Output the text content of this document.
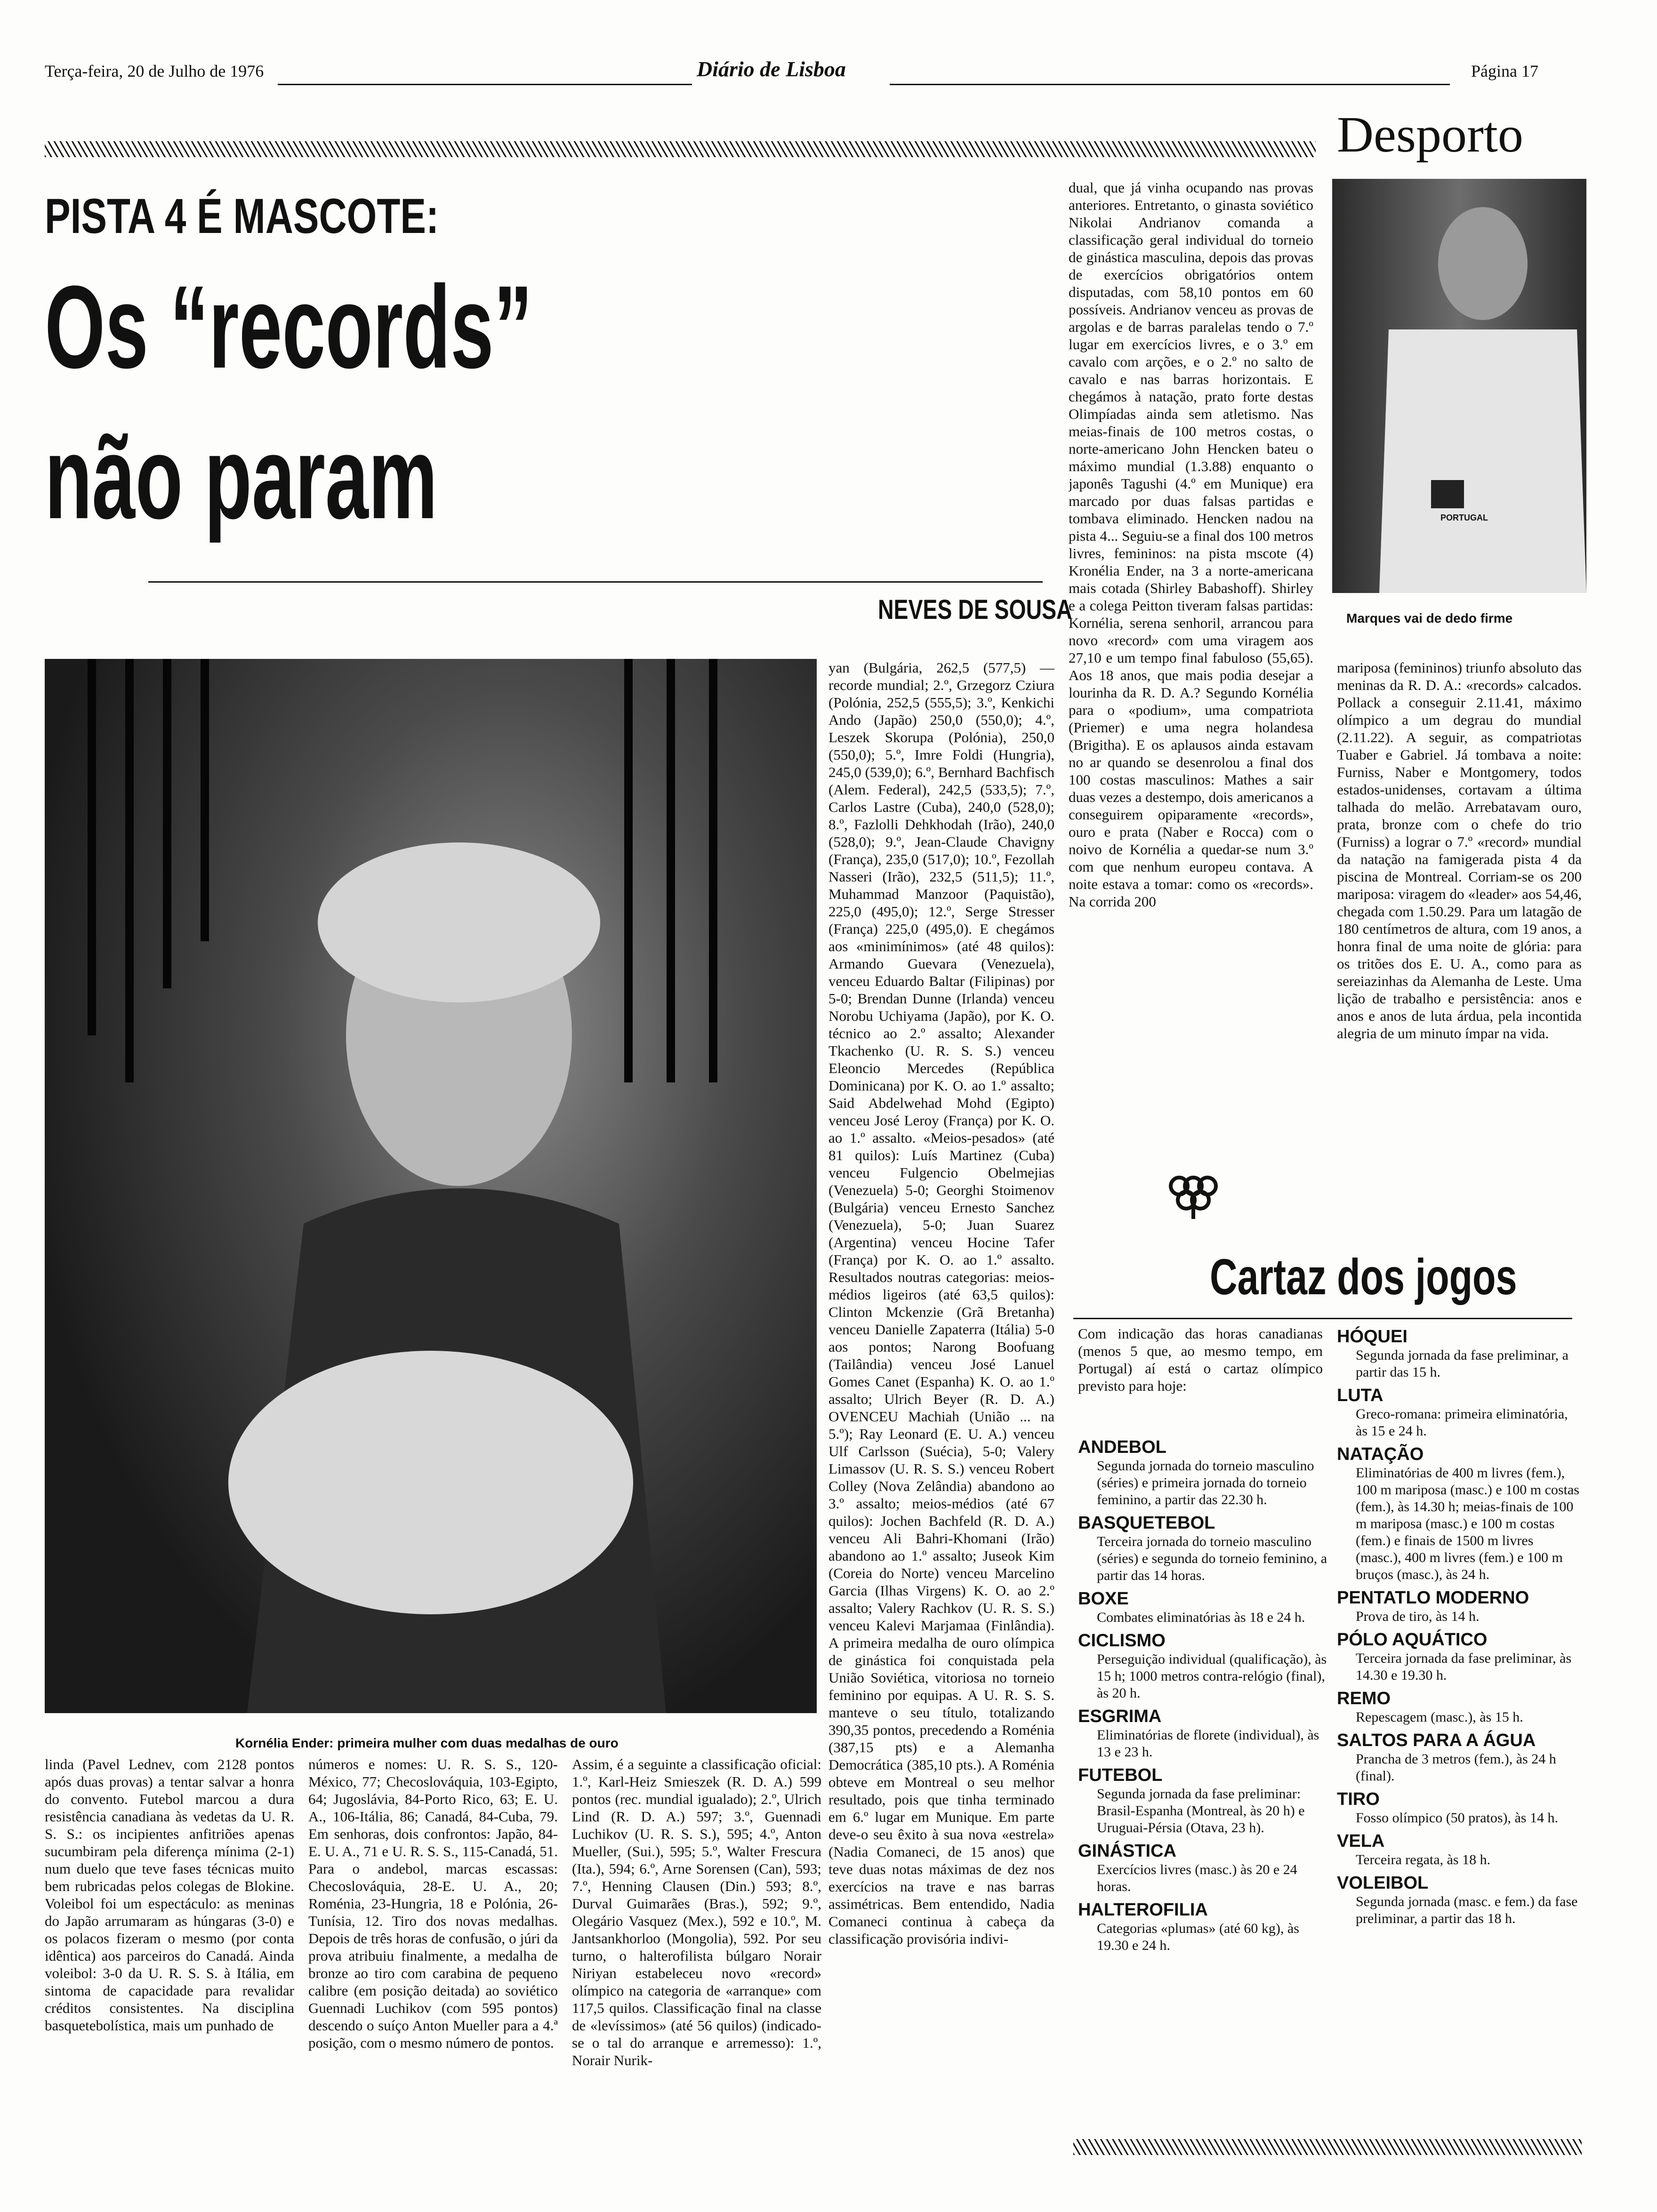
Terça-feira, 20 de Julho de 1976	Diário de Lisboa	Página 17
Desporto
PISTA 4 É MASCOTE:
Os “records”
não param
NEVES DE SOUSA
Kornélia Ender: primeira mulher com duas medalhas de ouro
linda (Pavel Lednev, com 2128 pontos após duas provas) a tentar salvar a honra do convento. Futebol marcou a dura resistência canadiana às vedetas da U. R. S. S.: os incipientes anfitriões apenas sucumbiram pela diferença mínima (2-1) num duelo que teve fases técnicas muito bem rubricadas pelos colegas de Blokine. Voleibol foi um espectáculo: as meninas do Japão arrumaram as húngaras (3-0) e os polacos fizeram o mesmo (por conta idêntica) aos parceiros do Canadá. Ainda voleibol: 3-0 da U. R. S. S. à Itália, em sintoma de capacidade para revalidar créditos consistentes. Na disciplina basquetebolística, mais um punhado de
números e nomes: U. R. S. S., 120-México, 77; Checoslováquia, 103-Egipto, 64; Jugoslávia, 84-Porto Rico, 63; E. U. A., 106-Itália, 86; Canadá, 84-Cuba, 79. Em senhoras, dois confrontos: Japão, 84-E. U. A., 71 e U. R. S. S., 115-Canadá, 51. Para o andebol, marcas escassas: Checoslováquia, 28-E. U. A., 20; Roménia, 23-Hungria, 18 e Polónia, 26-Tunísia, 12. Tiro dos novas medalhas. Depois de três horas de confusão, o júri da prova atribuiu finalmente, a medalha de bronze ao tiro com carabina de pequeno calibre (em posição deitada) ao soviético Guennadi Luchikov (com 595 pontos) descendo o suíço Anton Mueller para a 4.ª posição, com o mesmo número de pontos.
Assim, é a seguinte a classificação oficial: 1.º, Karl-Heiz Smieszek (R. D. A.) 599 pontos (rec. mundial igualado); 2.º, Ulrich Lind (R. D. A.) 597; 3.º, Guennadi Luchikov (U. R. S. S.), 595; 4.º, Anton Mueller, (Sui.), 595; 5.º, Walter Frescura (Ita.), 594; 6.º, Arne Sorensen (Can), 593; 7.º, Henning Clausen (Din.) 593; 8.º, Durval Guimarães (Bras.), 592; 9.º, Olegário Vasquez (Mex.), 592 e 10.º, M. Jantsankhorloo (Mongolia), 592. Por seu turno, o halterofilista búlgaro Norair Niriyan estabeleceu novo «record» olímpico na categoria de «arranque» com 117,5 quilos. Classificação final na classe de «levíssimos» (até 56 quilos) (indicado-se o tal do arranque e arremesso): 1.º, Norair Nurik-
yan (Bulgária, 262,5 (577,5) — recorde mundial; 2.º, Grzegorz Cziura (Polónia, 252,5 (555,5); 3.º, Kenkichi Ando (Japão) 250,0 (550,0); 4.º, Leszek Skorupa (Polónia), 250,0 (550,0); 5.º, Imre Foldi (Hungria), 245,0 (539,0); 6.º, Bernhard Bachfisch (Alem. Federal), 242,5 (533,5); 7.º, Carlos Lastre (Cuba), 240,0 (528,0); 8.º, Fazlolli Dehkhodah (Irão), 240,0 (528,0); 9.º, Jean-Claude Chavigny (França), 235,0 (517,0); 10.º, Fezollah Nasseri (Irão), 232,5 (511,5); 11.º, Muhammad Manzoor (Paquistão), 225,0 (495,0); 12.º, Serge Stresser (França) 225,0 (495,0). E chegámos aos «minimínimos» (até 48 quilos): Armando Guevara (Venezuela), venceu Eduardo Baltar (Filipinas) por 5-0; Brendan Dunne (Irlanda) venceu Norobu Uchiyama (Japão), por K. O. técnico ao 2.º assalto; Alexander Tkachenko (U. R. S. S.) venceu Eleoncio Mercedes (República Dominicana) por K. O. ao 1.º assalto; Said Abdelwehad Mohd (Egipto) venceu José Leroy (França) por K. O. ao 1.º assalto. «Meios-pesados» (até 81 quilos): Luís Martinez (Cuba) venceu Fulgencio Obelmejias (Venezuela) 5-0; Georghi Stoimenov (Bulgária) venceu Ernesto Sanchez (Venezuela), 5-0; Juan Suarez (Argentina) venceu Hocine Tafer (França) por K. O. ao 1.º assalto. Resultados noutras categorias: meios-médios ligeiros (até 63,5 quilos): Clinton Mckenzie (Grã Bretanha) venceu Danielle Zapaterra (Itália) 5-0 aos pontos; Narong Boofuang (Tailândia) venceu José Lanuel Gomes Canet (Espanha) K. O. ao 1.º assalto; Ulrich Beyer (R. D. A.) OVENCEU Machiah (União ... na 5.º); Ray Leonard (E. U. A.) venceu Ulf Carlsson (Suécia), 5-0; Valery Limassov (U. R. S. S.) venceu Robert Colley (Nova Zelândia) abandono ao 3.º assalto; meios-médios (até 67 quilos): Jochen Bachfeld (R. D. A.) venceu Ali Bahri-Khomani (Irão) abandono ao 1.º assalto; Juseok Kim (Coreia do Norte) venceu Marcelino Garcia (Ilhas Virgens) K. O. ao 2.º assalto; Valery Rachkov (U. R. S. S.) venceu Kalevi Marjamaa (Finlândia). A primeira medalha de ouro olímpica de ginástica foi conquistada pela União Soviética, vitoriosa no torneio feminino por equipas. A U. R. S. S. manteve o seu título, totalizando 390,35 pontos, precedendo a Roménia (387,15 pts) e a Alemanha Democrática (385,10 pts.). A Roménia obteve em Montreal o seu melhor resultado, pois que tinha terminado em 6.º lugar em Munique. Em parte deve-o seu êxito à sua nova «estrela» (Nadia Comaneci, de 15 anos) que teve duas notas máximas de dez nos exercícios na trave e nas barras assimétricas. Bem entendido, Nadia Comaneci continua à cabeça da classificação provisória indivi-
dual, que já vinha ocupando nas provas anteriores. Entretanto, o ginasta soviético Nikolai Andrianov comanda a classificação geral individual do torneio de ginástica masculina, depois das provas de exercícios obrigatórios ontem disputadas, com 58,10 pontos em 60 possíveis. Andrianov venceu as provas de argolas e de barras paralelas tendo o 7.º lugar em exercícios livres, e o 3.º em cavalo com arções, e o 2.º no salto de cavalo e nas barras horizontais. E chegámos à natação, prato forte destas Olimpíadas ainda sem atletismo. Nas meias-finais de 100 metros costas, o norte-americano John Hencken bateu o máximo mundial (1.3.88) enquanto o japonês Tagushi (4.º em Munique) era marcado por duas falsas partidas e tombava eliminado. Hencken nadou na pista 4... Seguiu-se a final dos 100 metros livres, femininos: na pista mscote (4) Kronélia Ender, na 3 a norte-americana mais cotada (Shirley Babashoff). Shirley e a colega Peitton tiveram falsas partidas: Kornélia, serena senhoril, arrancou para novo «record» com uma viragem aos 27,10 e um tempo final fabuloso (55,65). Aos 18 anos, que mais podia desejar a lourinha da R. D. A.? Segundo Kornélia para o «podium», uma compatriota (Priemer) e uma negra holandesa (Brigitha). E os aplausos ainda estavam no ar quando se desenrolou a final dos 100 costas masculinos: Mathes a sair duas vezes a destempo, dois americanos a conseguirem opiparamente «records», ouro e prata (Naber e Rocca) com o noivo de Kornélia a quedar-se num 3.º com que nenhum europeu contava. A noite estava a tomar: como os «records». Na corrida 200
mariposa (femininos) triunfo absoluto das meninas da R. D. A.: «records» calcados. Pollack a conseguir 2.11.41, máximo olímpico a um degrau do mundial (2.11.22). A seguir, as compatriotas Tuaber e Gabriel. Já tombava a noite: Furniss, Naber e Montgomery, todos estados-unidenses, cortavam a última talhada do melão. Arrebatavam ouro, prata, bronze com o chefe do trio (Furniss) a lograr o 7.º «record» mundial da natação na famigerada pista 4 da piscina de Montreal. Corriam-se os 200 mariposa: viragem do «leader» aos 54,46, chegada com 1.50.29. Para um latagão de 180 centímetros de altura, com 19 anos, a honra final de uma noite de glória: para os tritões dos E. U. A., como para as sereiazinhas da Alemanha de Leste. Uma lição de trabalho e persistência: anos e anos e anos de luta árdua, pela incontida alegria de um minuto ímpar na vida.
PORTUGAL
Marques vai de dedo firme
Cartaz dos jogos
Com indicação das horas canadianas (menos 5 que, ao mesmo tempo, em Portugal) aí está o cartaz olímpico previsto para hoje:
ANDEBOL
Segunda jornada do torneio masculino (séries) e primeira jornada do torneio feminino, a partir das 22.30 h.
BASQUETEBOL
Terceira jornada do torneio masculino (séries) e segunda do torneio feminino, a partir das 14 horas.
BOXE
Combates eliminatórias às 18 e 24 h.
CICLISMO
Perseguição individual (qualificação), às 15 h; 1000 metros contra-relógio (final), às 20 h.
ESGRIMA
Eliminatórias de florete (individual), às 13 e 23 h.
FUTEBOL
Segunda jornada da fase preliminar: Brasil-Espanha (Montreal, às 20 h) e Uruguai-Pérsia (Otava, 23 h).
GINÁSTICA
Exercícios livres (masc.) às 20 e 24 horas.
HALTEROFILIA
Categorias «plumas» (até 60 kg), às 19.30 e 24 h.
HÓQUEI
Segunda jornada da fase preliminar, a partir das 15 h.
LUTA
Greco-romana: primeira eliminatória, às 15 e 24 h.
NATAÇÃO
Eliminatórias de 400 m livres (fem.), 100 m mariposa (masc.) e 100 m costas (fem.), às 14.30 h; meias-finais de 100 m mariposa (masc.) e 100 m costas (fem.) e finais de 1500 m livres (masc.), 400 m livres (fem.) e 100 m bruços (masc.), às 24 h.
PENTATLO MODERNO
Prova de tiro, às 14 h.
PÓLO AQUÁTICO
Terceira jornada da fase preliminar, às 14.30 e 19.30 h.
REMO
Repescagem (masc.), às 15 h.
SALTOS PARA A ÁGUA
Prancha de 3 metros (fem.), às 24 h (final).
TIRO
Fosso olímpico (50 pratos), às 14 h.
VELA
Terceira regata, às 18 h.
VOLEIBOL
Segunda jornada (masc. e fem.) da fase preliminar, a partir das 18 h.
